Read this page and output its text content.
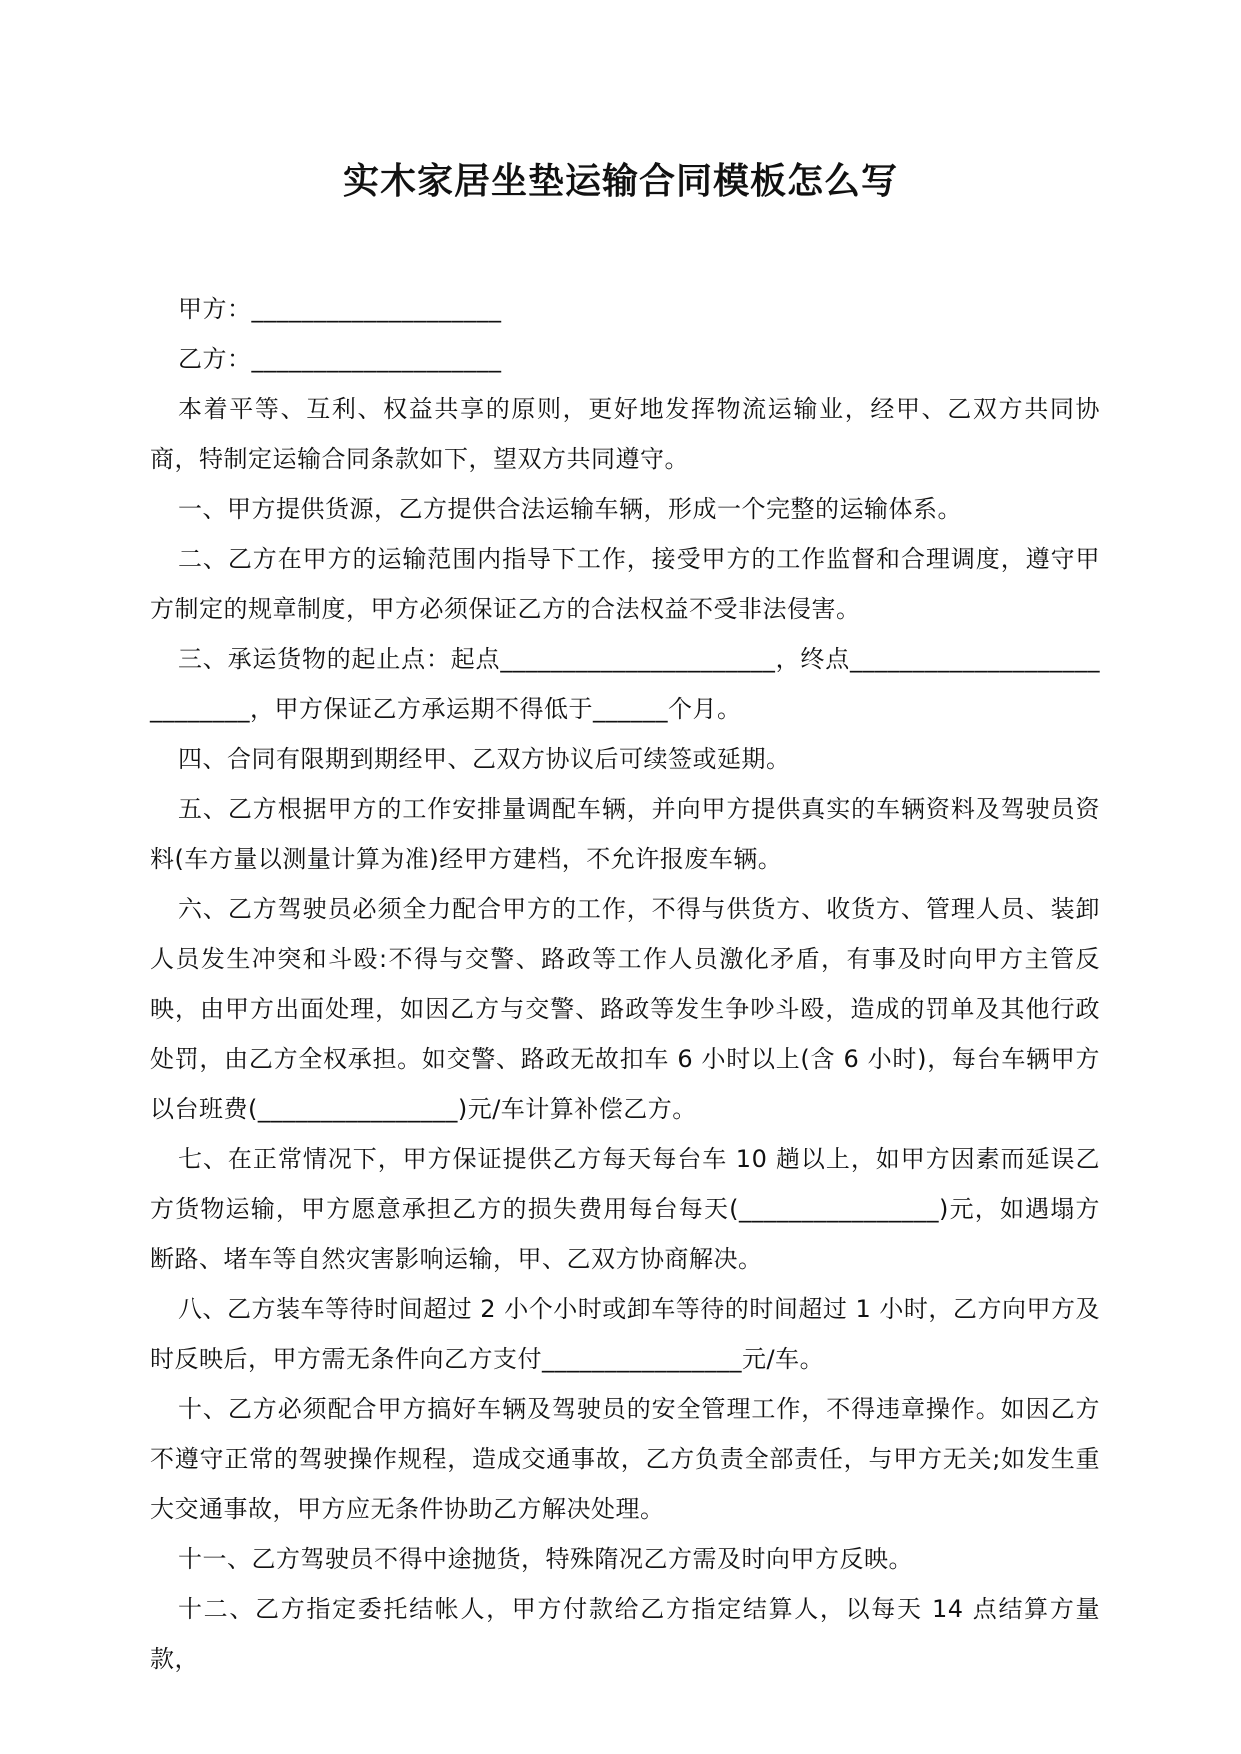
实木家居坐垫运输合同模板怎么写

甲方：____________________

乙方：____________________

本着平等、互利、权益共享的原则，更好地发挥物流运输业，经甲、乙双方共同协商，特制定运输合同条款如下，望双方共同遵守。

一、甲方提供货源，乙方提供合法运输车辆，形成一个完整的运输体系。

二、乙方在甲方的运输范围内指导下工作，接受甲方的工作监督和合理调度，遵守甲方制定的规章制度，甲方必须保证乙方的合法权益不受非法侵害。

三、承运货物的起止点：起点______________________，终点____________________________，甲方保证乙方承运期不得低于______个月。

四、合同有限期到期经甲、乙双方协议后可续签或延期。

五、乙方根据甲方的工作安排量调配车辆，并向甲方提供真实的车辆资料及驾驶员资料(车方量以测量计算为准)经甲方建档，不允许报废车辆。

六、乙方驾驶员必须全力配合甲方的工作，不得与供货方、收货方、管理人员、装卸人员发生冲突和斗殴:不得与交警、路政等工作人员激化矛盾，有事及时向甲方主管反映，由甲方出面处理，如因乙方与交警、路政等发生争吵斗殴，造成的罚单及其他行政处罚，由乙方全权承担。如交警、路政无故扣车 6 小时以上(含 6 小时)，每台车辆甲方以台班费(________________)元/车计算补偿乙方。

七、在正常情况下，甲方保证提供乙方每天每台车 10 趟以上，如甲方因素而延误乙方货物运输，甲方愿意承担乙方的损失费用每台每天(________________)元，如遇塌方断路、堵车等自然灾害影响运输，甲、乙双方协商解决。

八、乙方装车等待时间超过 2 小个小时或卸车等待的时间超过 1 小时，乙方向甲方及时反映后，甲方需无条件向乙方支付________________元/车。

十、乙方必须配合甲方搞好车辆及驾驶员的安全管理工作，不得违章操作。如因乙方不遵守正常的驾驶操作规程，造成交通事故，乙方负责全部责任，与甲方无关;如发生重大交通事故，甲方应无条件协助乙方解决处理。

十一、乙方驾驶员不得中途抛货，特殊隋况乙方需及时向甲方反映。

十二、乙方指定委托结帐人，甲方付款给乙方指定结算人，以每天 14 点结算方量款，
